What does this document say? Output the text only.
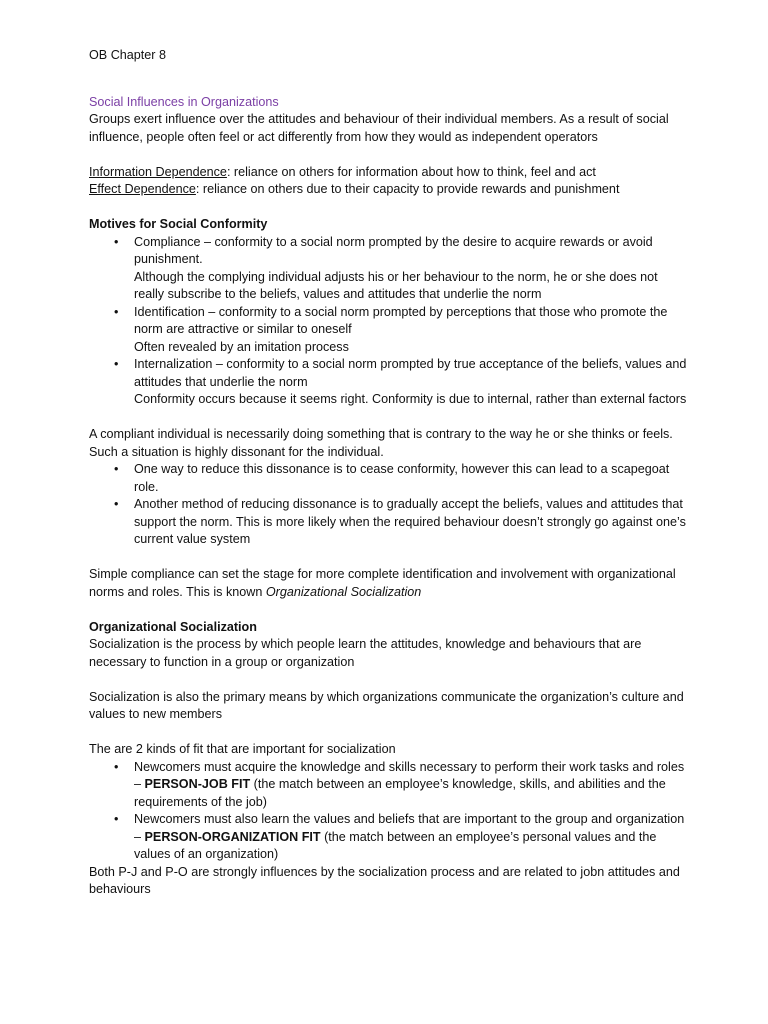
OB Chapter 8

Social Influences in Organizations

Groups exert influence over the attitudes and behaviour of their individual members. As a result of social influence, people often feel or act differently from how they would as independent operators

Information Dependence: reliance on others for information about how to think, feel and act

Effect Dependence: reliance on others due to their capacity to provide rewards and punishment

Motives for Social Conformity

• Compliance – conformity to a social norm prompted by the desire to acquire rewards or avoid punishment.
Although the complying individual adjusts his or her behaviour to the norm, he or she does not really subscribe to the beliefs, values and attitudes that underlie the norm
• Identification – conformity to a social norm prompted by perceptions that those who promote the norm are attractive or similar to oneself
Often revealed by an imitation process
• Internalization – conformity to a social norm prompted by true acceptance of the beliefs, values and attitudes that underlie the norm
Conformity occurs because it seems right. Conformity is due to internal, rather than external factors

A compliant individual is necessarily doing something that is contrary to the way he or she thinks or feels. Such a situation is highly dissonant for the individual.

• One way to reduce this dissonance is to cease conformity, however this can lead to a scapegoat role.
• Another method of reducing dissonance is to gradually accept the beliefs, values and attitudes that support the norm. This is more likely when the required behaviour doesn’t strongly go against one’s current value system

Simple compliance can set the stage for more complete identification and involvement with organizational norms and roles. This is known Organizational Socialization

Organizational Socialization

Socialization is the process by which people learn the attitudes, knowledge and behaviours that are necessary to function in a group or organization

Socialization is also the primary means by which organizations communicate the organization’s culture and values to new members

The are 2 kinds of fit that are important for socialization

• Newcomers must acquire the knowledge and skills necessary to perform their work tasks and roles – PERSON-JOB FIT (the match between an employee’s knowledge, skills, and abilities and the requirements of the job)
• Newcomers must also learn the values and beliefs that are important to the group and organization – PERSON-ORGANIZATION FIT (the match between an employee’s personal values and the values of an organization)

Both P-J and P-O are strongly influences by the socialization process and are related to jobn attitudes and behaviours
